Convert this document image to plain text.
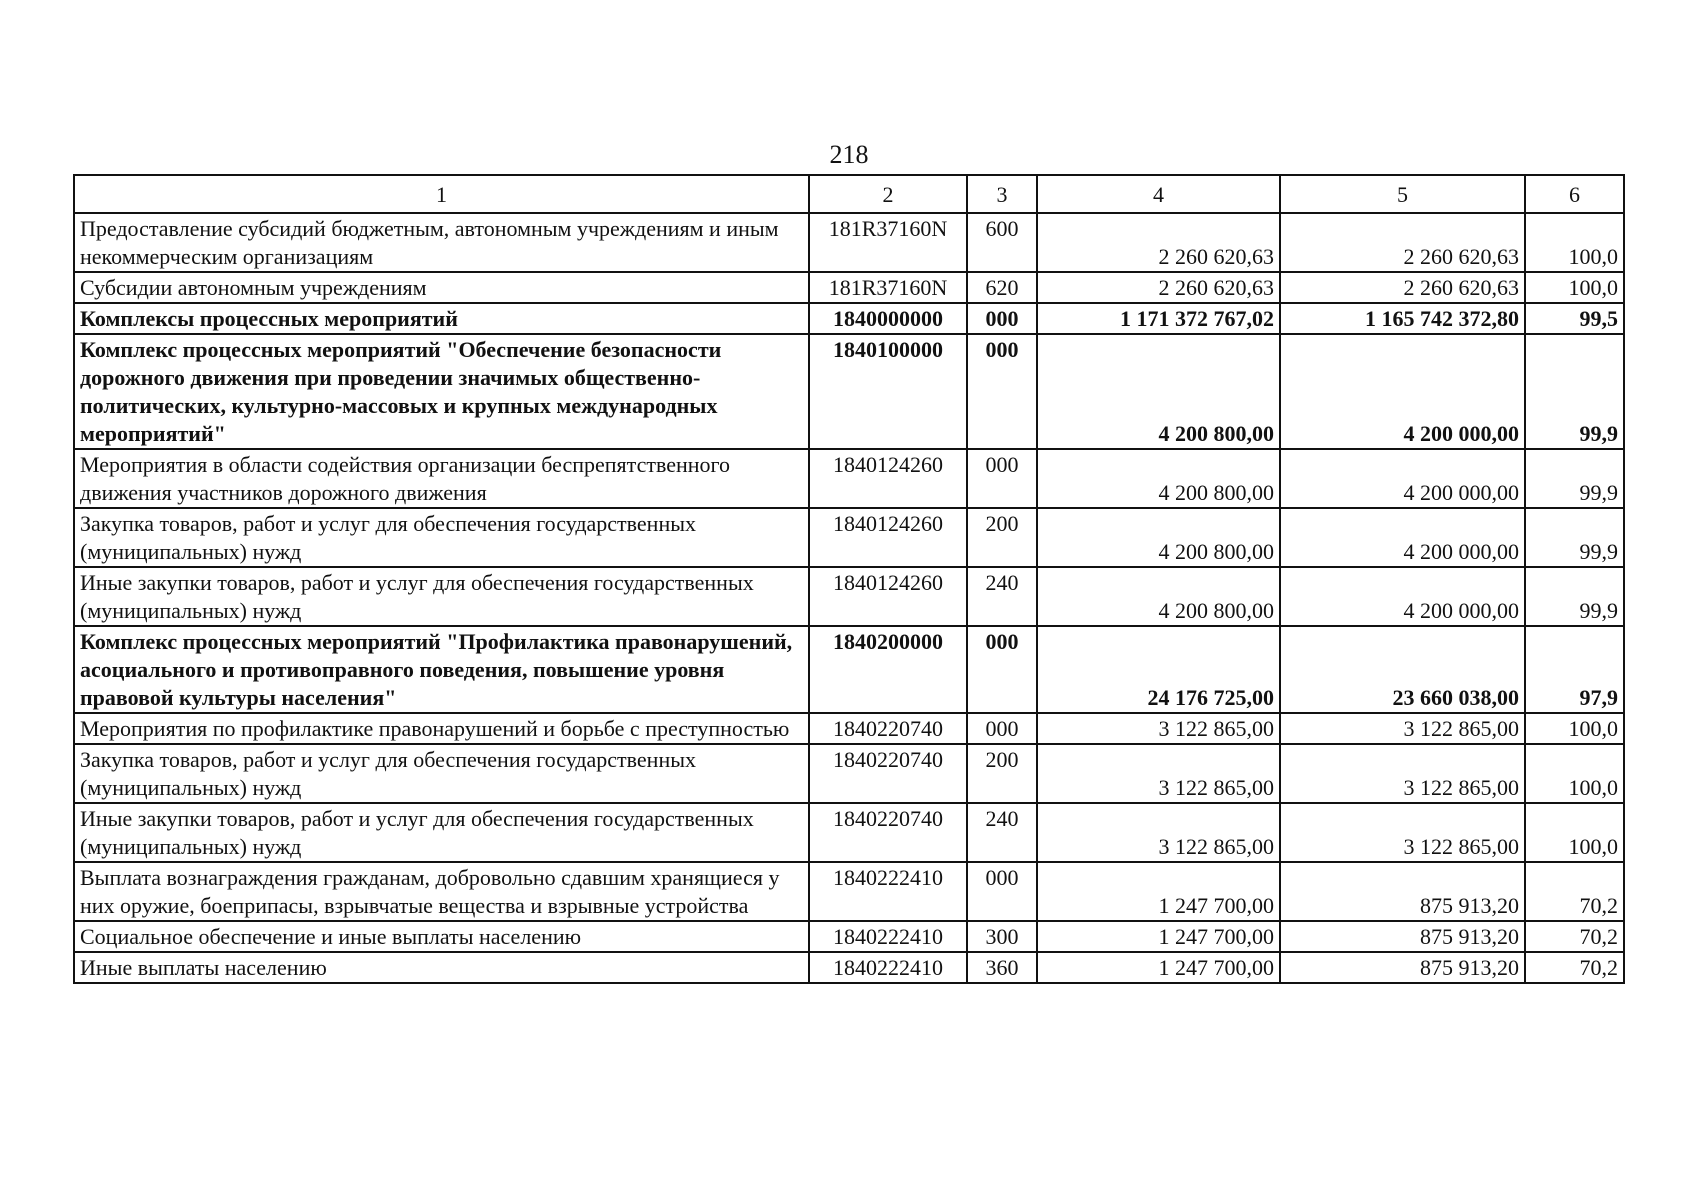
218
1	2	3	4	5	6
Предоставление субсидий бюджетным, автономным учреждениям и иным некоммерческим организациям	181R37160N	600	2 260 620,63	2 260 620,63	100,0
Субсидии автономным учреждениям	181R37160N	620	2 260 620,63	2 260 620,63	100,0
Комплексы процессных мероприятий	1840000000	000	1 171 372 767,02	1 165 742 372,80	99,5
Комплекс процессных мероприятий "Обеспечение безопасности дорожного движения при проведении значимых общественно-политических, культурно-массовых и крупных международных мероприятий"	1840100000	000	4 200 800,00	4 200 000,00	99,9
Мероприятия в области содействия организации беспрепятственного движения участников дорожного движения	1840124260	000	4 200 800,00	4 200 000,00	99,9
Закупка товаров, работ и услуг для обеспечения государственных (муниципальных) нужд	1840124260	200	4 200 800,00	4 200 000,00	99,9
Иные закупки товаров, работ и услуг для обеспечения государственных (муниципальных) нужд	1840124260	240	4 200 800,00	4 200 000,00	99,9
Комплекс процессных мероприятий "Профилактика правонарушений, асоциального и противоправного поведения, повышение уровня правовой культуры населения"	1840200000	000	24 176 725,00	23 660 038,00	97,9
Мероприятия по профилактике правонарушений и борьбе с преступностью	1840220740	000	3 122 865,00	3 122 865,00	100,0
Закупка товаров, работ и услуг для обеспечения государственных (муниципальных) нужд	1840220740	200	3 122 865,00	3 122 865,00	100,0
Иные закупки товаров, работ и услуг для обеспечения государственных (муниципальных) нужд	1840220740	240	3 122 865,00	3 122 865,00	100,0
Выплата вознаграждения гражданам, добровольно сдавшим хранящиеся у них оружие, боеприпасы, взрывчатые вещества и взрывные устройства	1840222410	000	1 247 700,00	875 913,20	70,2
Социальное обеспечение и иные выплаты населению	1840222410	300	1 247 700,00	875 913,20	70,2
Иные выплаты населению	1840222410	360	1 247 700,00	875 913,20	70,2
